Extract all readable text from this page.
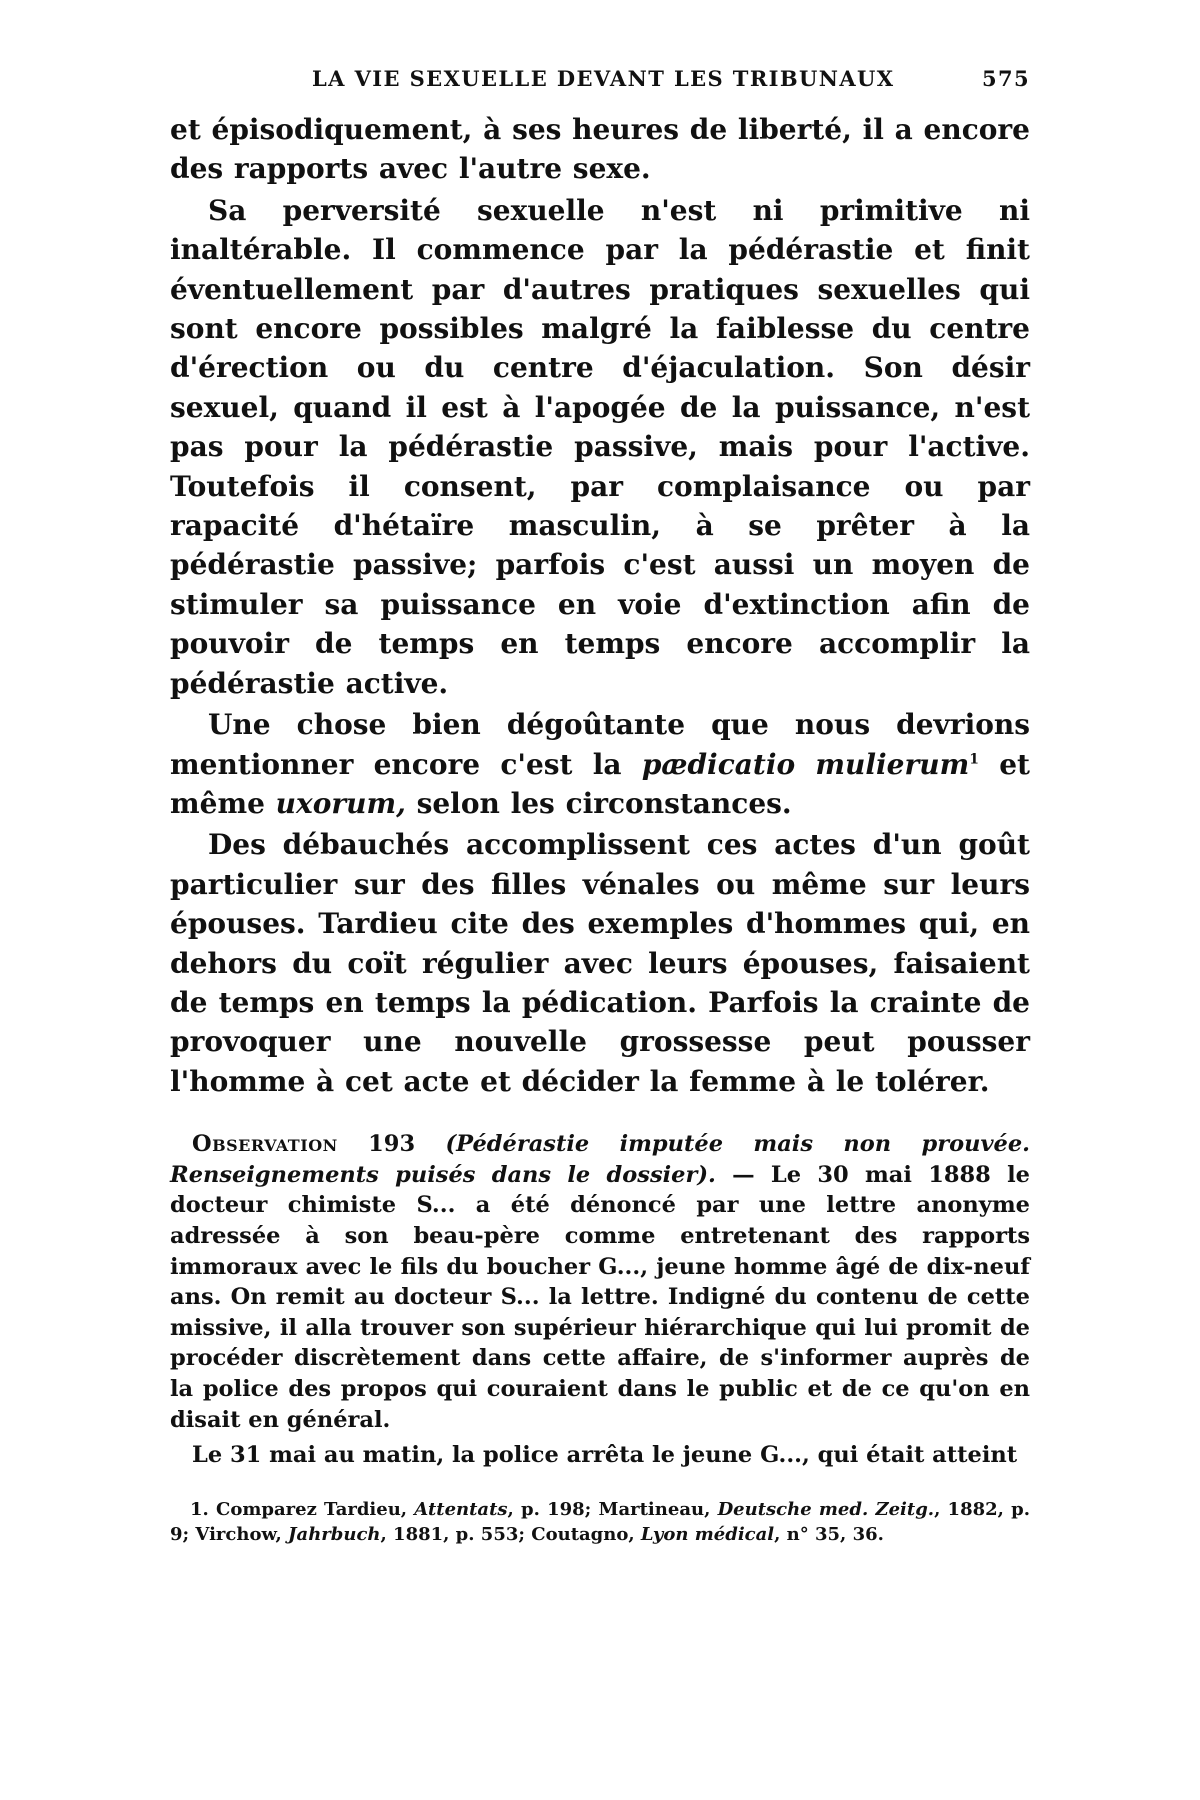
LA VIE SEXUELLE DEVANT LES TRIBUNAUX	575

et épisodiquement, à ses heures de liberté, il a encore des rapports avec l'autre sexe.

Sa perversité sexuelle n'est ni primitive ni inaltérable. Il commence par la pédérastie et finit éventuellement par d'autres pratiques sexuelles qui sont encore possibles malgré la faiblesse du centre d'érection ou du centre d'éjaculation. Son désir sexuel, quand il est à l'apogée de la puissance, n'est pas pour la pédérastie passive, mais pour l'active. Toutefois il consent, par complaisance ou par rapacité d'hétaïre masculin, à se prêter à la pédérastie passive; parfois c'est aussi un moyen de stimuler sa puissance en voie d'extinction afin de pouvoir de temps en temps encore accomplir la pédérastie active.

Une chose bien dégoûtante que nous devrions mentionner encore c'est la pædicatio mulierum$^1$ et même uxorum, selon les circonstances.

Des débauchés accomplissent ces actes d'un goût particulier sur des filles vénales ou même sur leurs épouses. Tardieu cite des exemples d'hommes qui, en dehors du coït régulier avec leurs épouses, faisaient de temps en temps la pédication. Parfois la crainte de provoquer une nouvelle grossesse peut pousser l'homme à cet acte et décider la femme à le tolérer.

Observation 193 (Pédérastie imputée mais non prouvée. Renseignements puisés dans le dossier). — Le 30 mai 1888 le docteur chimiste S... a été dénoncé par une lettre anonyme adressée à son beau-père comme entretenant des rapports immoraux avec le fils du boucher G..., jeune homme âgé de dix-neuf ans. On remit au docteur S... la lettre. Indigné du contenu de cette missive, il alla trouver son supérieur hiérarchique qui lui promit de procéder discrètement dans cette affaire, de s'informer auprès de la police des propos qui couraient dans le public et de ce qu'on en disait en général.

Le 31 mai au matin, la police arrêta le jeune G..., qui était atteint

1. Comparez Tardieu, Attentats, p. 198; Martineau, Deutsche med. Zeitg., 1882, p. 9; Virchow, Jahrbuch, 1881, p. 553; Coutagno, Lyon médical, n° 35, 36.
